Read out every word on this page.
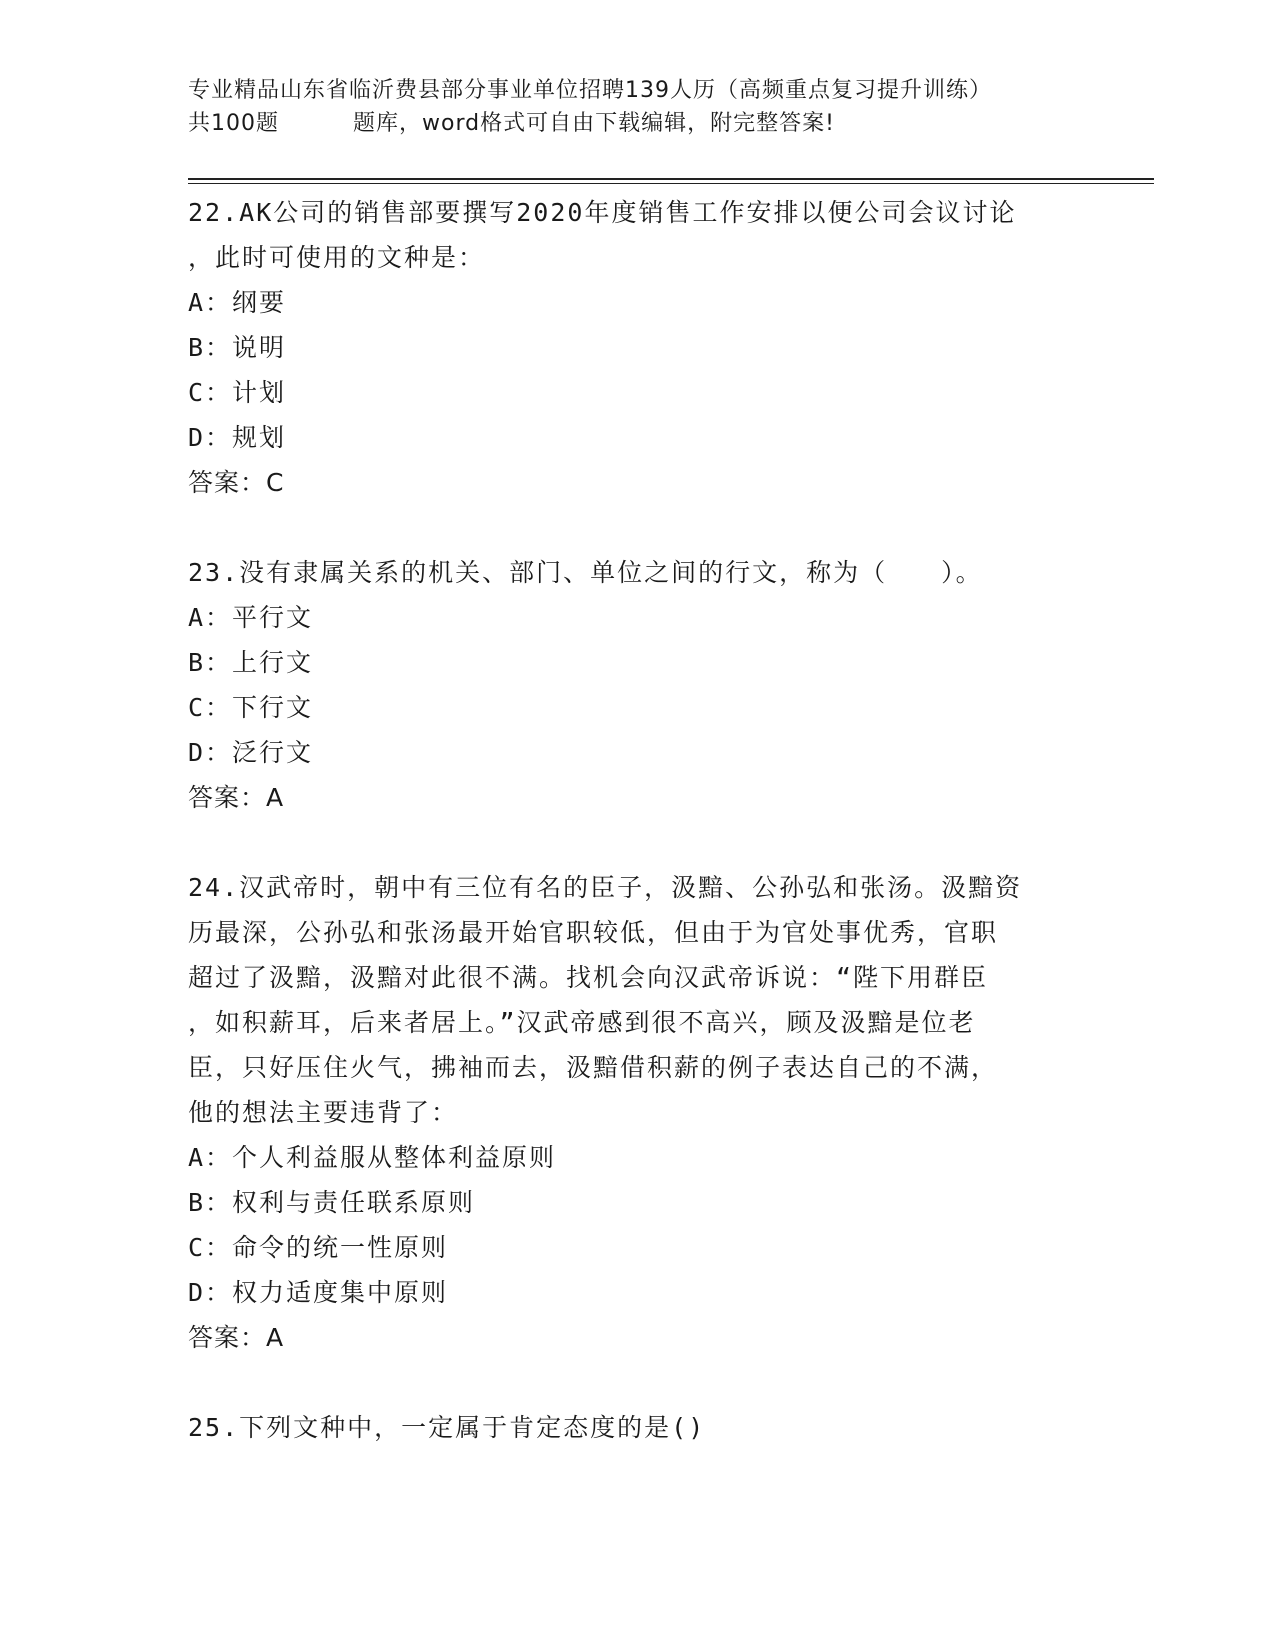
专业精品山东省临沂费县部分事业单位招聘139人历（高频重点复习提升训练）
共100题	题库，word格式可自由下载编辑，附完整答案!

22.AK公司的销售部要撰写2020年度销售工作安排以便公司会议讨论

，此时可使用的文种是：

A：纲要

B：说明

C：计划

D：规划

答案：C

23.没有隶属关系的机关、部门、单位之间的行文，称为（　　）。

A：平行文

B：上行文

C：下行文

D：泛行文

答案：A

24.汉武帝时，朝中有三位有名的臣子，汲黯、公孙弘和张汤。汲黯资

历最深，公孙弘和张汤最开始官职较低，但由于为官处事优秀，官职

超过了汲黯，汲黯对此很不满。找机会向汉武帝诉说：“陛下用群臣

，如积薪耳，后来者居上。”汉武帝感到很不高兴，顾及汲黯是位老

臣，只好压住火气，拂袖而去，汲黯借积薪的例子表达自己的不满，

他的想法主要违背了：

A：个人利益服从整体利益原则

B：权利与责任联系原则

C：命令的统一性原则

D：权力适度集中原则

答案：A

25.下列文种中，一定属于肯定态度的是()
